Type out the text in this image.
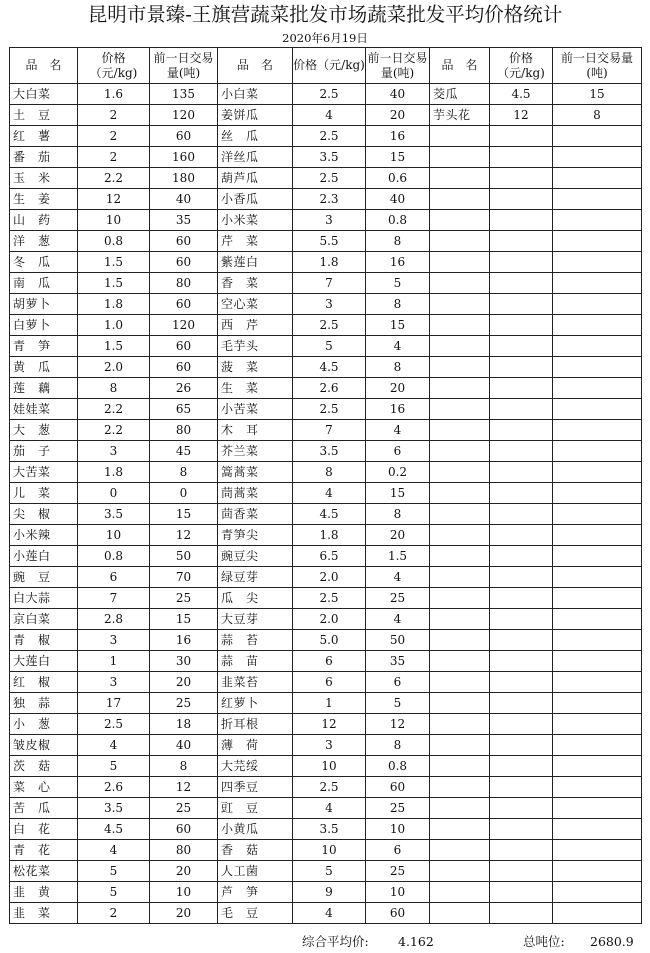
昆明市景臻-王旗营蔬菜批发市场蔬菜批发平均价格统计
2020年6月19日
品　名	价格（元/kg)	前一日交易量(吨)	品　名	价格（元/kg)	前一日交易量(吨)	品　名	价格（元/kg)	前一日交易量(吨)
大白菜	1.6	135	小白菜	2.5	40	茭瓜	4.5	15
土　豆	2	120	姜饼瓜	4	20	芋头花	12	8
红　薯	2	60	丝　瓜	2.5	16			
番　茄	2	160	洋丝瓜	3.5	15			
玉　米	2.2	180	葫芦瓜	2.5	0.6			
生　姜	12	40	小香瓜	2.3	40			
山　药	10	35	小米菜	3	0.8			
洋　葱	0.8	60	芹　菜	5.5	8			
冬　瓜	1.5	60	紫莲白	1.8	16			
南　瓜	1.5	80	香　菜	7	5			
胡萝卜	1.8	60	空心菜	3	8			
白萝卜	1.0	120	西　芹	2.5	15			
青　笋	1.5	60	毛芋头	5	4			
黄　瓜	2.0	60	菠　菜	4.5	8			
莲　藕	8	26	生　菜	2.6	20			
娃娃菜	2.2	65	小苦菜	2.5	16			
大　葱	2.2	80	木　耳	7	4			
茄　子	3	45	芥兰菜	3.5	6			
大苦菜	1.8	8	篙蒿菜	8	0.2			
儿　菜	0	0	茼蒿菜	4	15			
尖　椒	3.5	15	茴香菜	4.5	8			
小米辣	10	12	青笋尖	1.8	20			
小莲白	0.8	50	豌豆尖	6.5	1.5			
豌　豆	6	70	绿豆芽	2.0	4			
白大蒜	7	25	瓜　尖	2.5	25			
京白菜	2.8	15	大豆芽	2.0	4			
青　椒	3	16	蒜　苔	5.0	50			
大莲白	1	30	蒜　苗	6	35			
红　椒	3	20	韭菜苔	6	6			
独　蒜	17	25	红萝卜	1	5			
小　葱	2.5	18	折耳根	12	12			
皱皮椒	4	40	薄　荷	3	8			
茨　菇	5	8	大芫绥	10	0.8			
菜　心	2.6	12	四季豆	2.5	60			
苦　瓜	3.5	25	豇　豆	4	25			
白　花	4.5	60	小黄瓜	3.5	10			
青　花	4	80	香　菇	10	6			
松花菜	5	20	人工菌	5	25			
韭　黄	5	10	芦　笋	9	10			
韭　菜	2	20	毛　豆	4	60			
综合平均价: 4.162	总吨位: 2680.9
